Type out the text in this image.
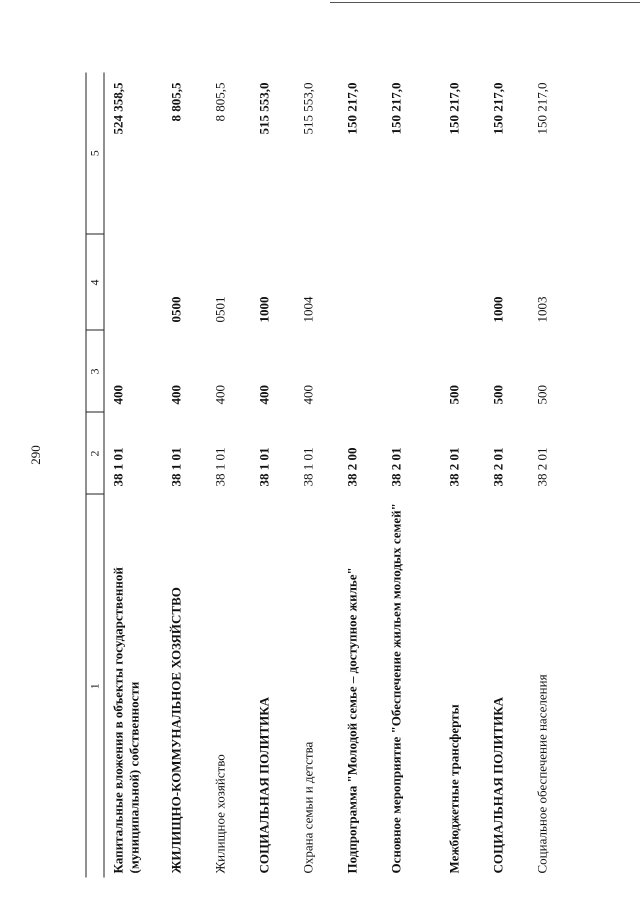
290
1	2	3	4	5
Капитальные вложения в объекты государственной (муниципальной) собственности	38 1 01	400		524 358,5
ЖИЛИЩНО-КОММУНАЛЬНОЕ ХОЗЯЙСТВО	38 1 01	400	0500	8 805,5
Жилищное хозяйство	38 1 01	400	0501	8 805,5
СОЦИАЛЬНАЯ ПОЛИТИКА	38 1 01	400	1000	515 553,0
Охрана семьи и детства	38 1 01	400	1004	515 553,0
Подпрограмма "Молодой семье – доступное жилье"	38 2 00			150 217,0
Основное мероприятие "Обеспечение жильем молодых семей"	38 2 01			150 217,0
Межбюджетные трансферты	38 2 01	500		150 217,0
СОЦИАЛЬНАЯ ПОЛИТИКА	38 2 01	500	1000	150 217,0
Социальное обеспечение населения	38 2 01	500	1003	150 217,0
